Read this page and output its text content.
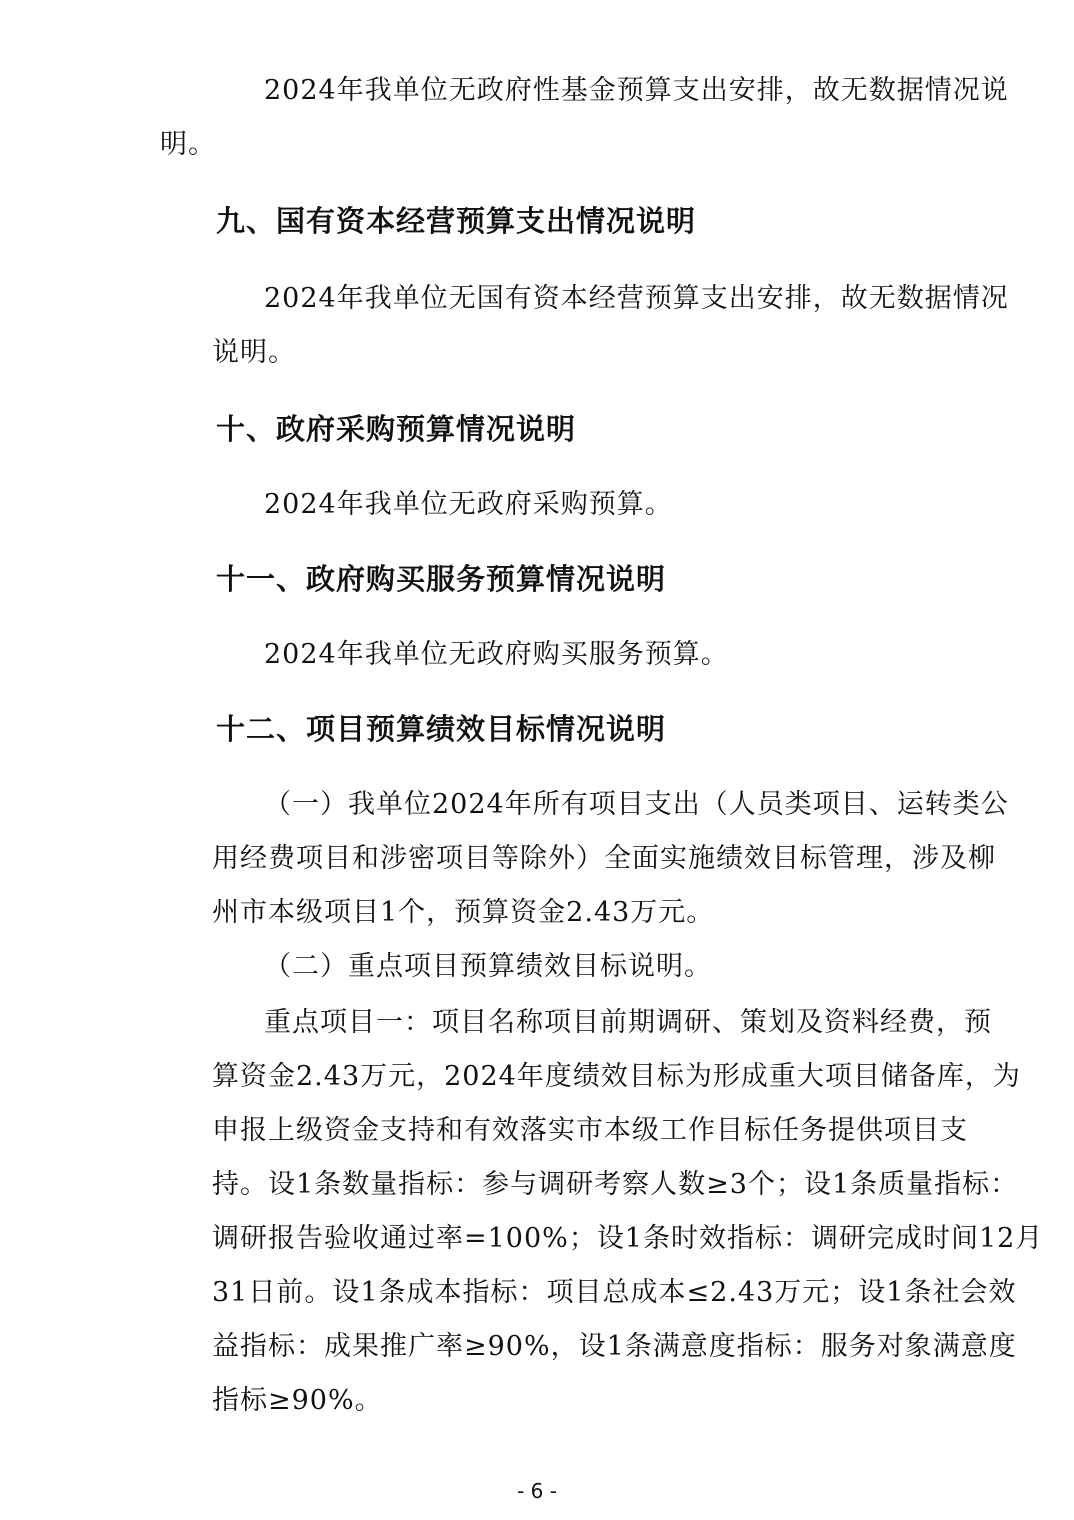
2024年我单位无政府性基金预算支出安排，故无数据情况说
明。
九、国有资本经营预算支出情况说明
2024年我单位无国有资本经营预算支出安排，故无数据情况
说明。
十、政府采购预算情况说明
2024年我单位无政府采购预算。
十一、政府购买服务预算情况说明
2024年我单位无政府购买服务预算。
十二、项目预算绩效目标情况说明
（一）我单位2024年所有项目支出（人员类项目、运转类公
用经费项目和涉密项目等除外）全面实施绩效目标管理，涉及柳
州市本级项目1个，预算资金2.43万元。
（二）重点项目预算绩效目标说明。
重点项目一：项目名称项目前期调研、策划及资料经费，预
算资金2.43万元，2024年度绩效目标为形成重大项目储备库，为
申报上级资金支持和有效落实市本级工作目标任务提供项目支
持。设1条数量指标：参与调研考察人数≥3个；设1条质量指标：
调研报告验收通过率=100%；设1条时效指标：调研完成时间12月
31日前。设1条成本指标：项目总成本≤2.43万元；设1条社会效
益指标：成果推广率≥90%，设1条满意度指标：服务对象满意度
指标≥90%。
- 6 -
